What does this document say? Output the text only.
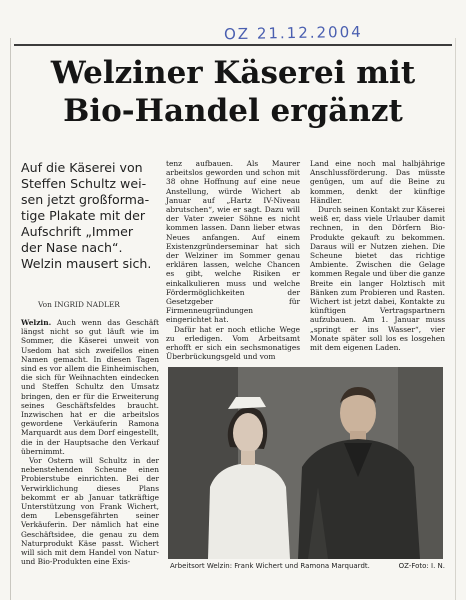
OZ 21.12.2004
Welziner Käserei mit
Bio-Handel ergänzt
Auf die Käserei von
Steffen Schultz wei-
sen jetzt großforma-
tige Plakate mit der
Aufschrift „Immer
der Nase nach“.
Welzin mausert sich.
Von INGRID NADLER

Welzin. Auch wenn das Geschäft längst nicht so gut läuft wie im Sommer, die Käserei unweit von Usedom hat sich zweifellos einen Namen gemacht. In diesen Tagen sind es vor allem die Einheimischen, die sich für Weihnachten eindecken und Steffen Schultz den Umsatz bringen, den er für die Erweiterung seines Geschäftsfeldes braucht. Inzwischen hat er die arbeitslos gewordene Verkäuferin Ramona Marquardt aus dem Dorf eingestellt, die in der Hauptsache den Verkauf übernimmt.

Vor Ostern will Schultz in der nebenstehenden Scheune einen Probierstube einrichten. Bei der Verwirklichung dieses Plans bekommt er ab Januar tatkräftige Unterstützung von Frank Wichert, dem Lebensgefährten seiner Verkäuferin. Der nämlich hat eine Geschäftsidee, die genau zu dem Naturprodukt Käse passt. Wichert will sich mit dem Handel von Natur- und Bio-Produkten eine Exis-

tenz aufbauen. Als Maurer arbeitslos geworden und schon mit 38 ohne Hoffnung auf eine neue Anstellung, würde Wichert ab Januar auf „Hartz IV-Niveau abrutschen“, wie er sagt. Dazu will der Vater zweier Söhne es nicht kommen lassen. Dann lieber etwas Neues anfangen. Auf einem Existenzgründerseminar hat sich der Welziner im Sommer genau erklären lassen, welche Chancen es gibt, welche Risiken er einkalkulieren muss und welche Fördermöglichkeiten der Gesetzgeber für Firmenneugründungen eingerichtet hat.

Dafür hat er noch etliche Wege zu erledigen. Vom Arbeitsamt erhofft er sich ein sechsmonatiges Überbrückungsgeld und vom

Land eine noch mal halbjährige Anschlussförderung. Das müsste genügen, um auf die Beine zu kommen, denkt der künftige Händler.

Durch seinen Kontakt zur Käserei weiß er, dass viele Urlauber damit rechnen, in den Dörfern Bio-Produkte gekauft zu bekommen. Daraus will er Nutzen ziehen. Die Scheune bietet das richtige Ambiente. Zwischen die Gelage kommen Regale und über die ganze Breite ein langer Holztisch mit Bänken zum Probieren und Rasten. Wichert ist jetzt dabei, Kontakte zu künftigen Vertragspartnern aufzubauen. Am 1. Januar muss „springt er ins Wasser“, vier Monate später soll los es losgehen mit dem eigenen Laden.

Arbeitsort Welzin: Frank Wichert und Ramona Marquardt.	OZ-Foto: I. N.
